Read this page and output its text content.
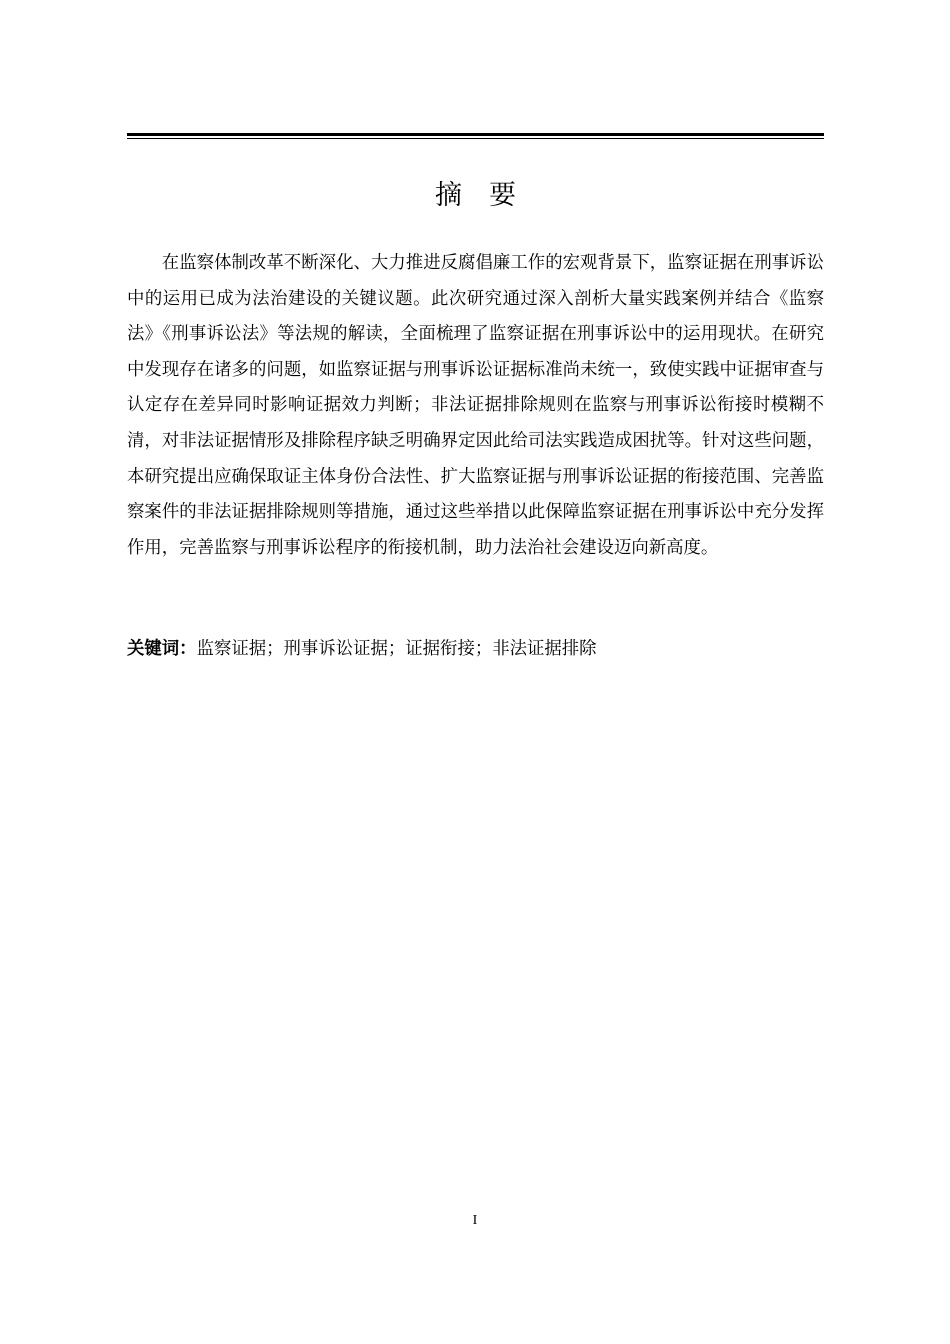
摘　要

在监察体制改革不断深化、大力推进反腐倡廉工作的宏观背景下，监察证据在刑事诉讼中的运用已成为法治建设的关键议题。此次研究通过深入剖析大量实践案例并结合《监察法》《刑事诉讼法》等法规的解读，全面梳理了监察证据在刑事诉讼中的运用现状。在研究中发现存在诸多的问题，如监察证据与刑事诉讼证据标准尚未统一，致使实践中证据审查与认定存在差异同时影响证据效力判断；非法证据排除规则在监察与刑事诉讼衔接时模糊不清，对非法证据情形及排除程序缺乏明确界定因此给司法实践造成困扰等。针对这些问题，本研究提出应确保取证主体身份合法性、扩大监察证据与刑事诉讼证据的衔接范围、完善监察案件的非法证据排除规则等措施，通过这些举措以此保障监察证据在刑事诉讼中充分发挥作用，完善监察与刑事诉讼程序的衔接机制，助力法治社会建设迈向新高度。

关键词：监察证据；刑事诉讼证据；证据衔接；非法证据排除
I
